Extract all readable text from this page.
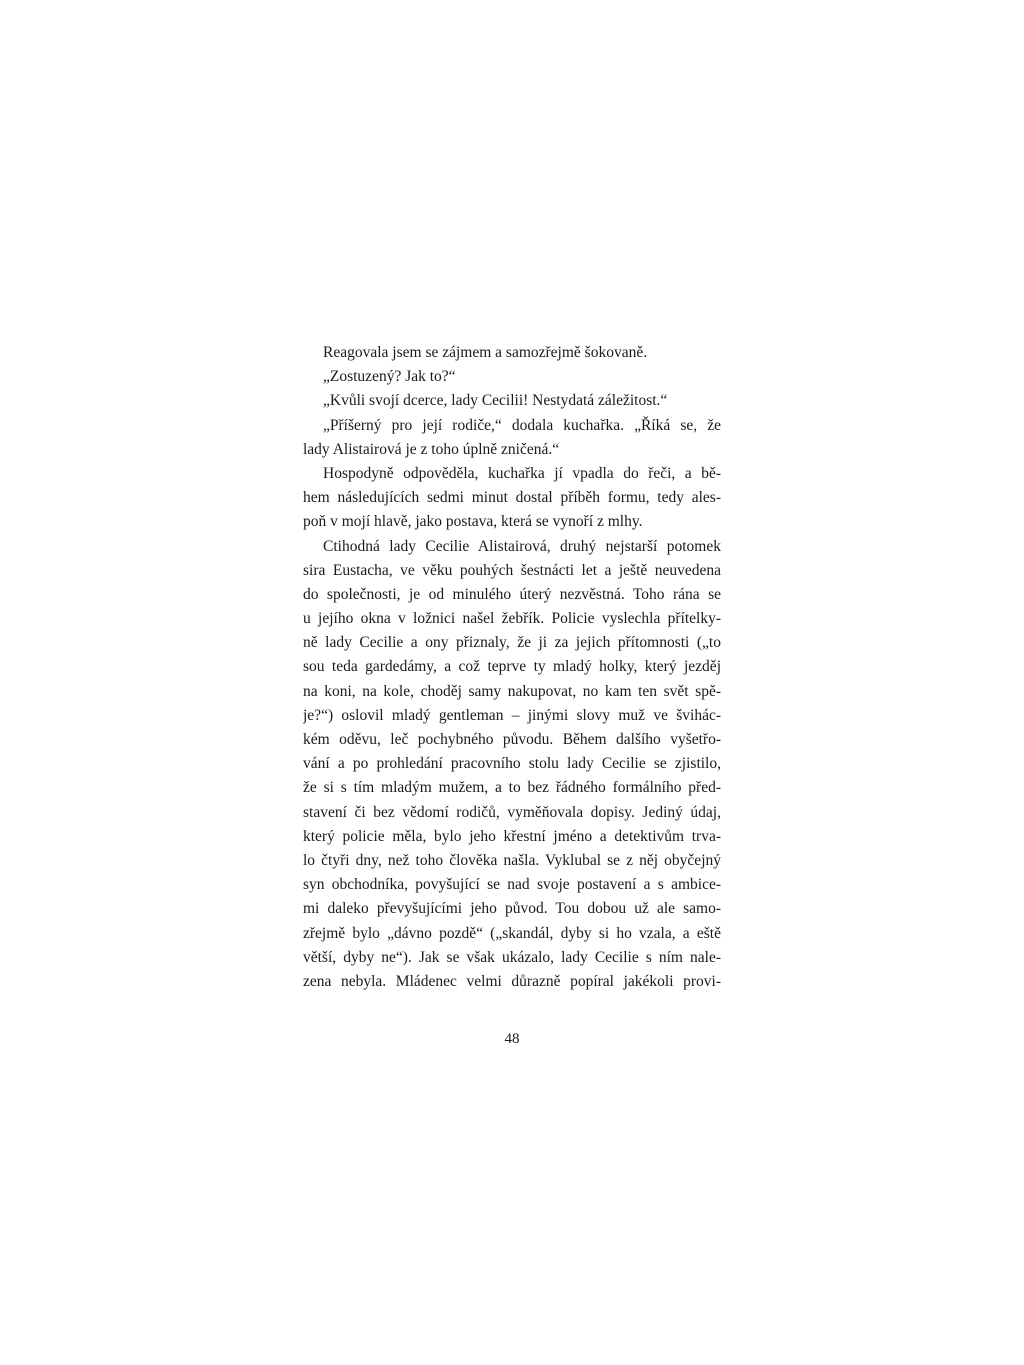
Reagovala jsem se zájmem a samozřejmě šokovaně.
„Zostuzený? Jak to?“
„Kvůli svojí dcerce, lady Cecilii! Nestydatá záležitost.“
„Příšerný pro její rodiče,“ dodala kuchařka. „Říká se, že
lady Alistairová je z toho úplně zničená.“
Hospodyně odpověděla, kuchařka jí vpadla do řeči, a bě-
hem následujících sedmi minut dostal příběh formu, tedy ales-
poň v mojí hlavě, jako postava, která se vynoří z mlhy.
Ctihodná lady Cecilie Alistairová, druhý nejstarší potomek
sira Eustacha, ve věku pouhých šestnácti let a ještě neuvedena
do společnosti, je od minulého úterý nezvěstná. Toho rána se
u jejího okna v ložnici našel žebřík. Policie vyslechla přítelky-
ně lady Cecilie a ony přiznaly, že ji za jejich přítomnosti („to
sou teda gardedámy, a což teprve ty mladý holky, který jezděj
na koni, na kole, choděj samy nakupovat, no kam ten svět spě-
je?“) oslovil mladý gentleman – jinými slovy muž ve švihác-
kém oděvu, leč pochybného původu. Během dalšího vyšetřo-
vání a po prohledání pracovního stolu lady Cecilie se zjistilo,
že si s tím mladým mužem, a to bez řádného formálního před-
stavení či bez vědomí rodičů, vyměňovala dopisy. Jediný údaj,
který policie měla, bylo jeho křestní jméno a detektivům trva-
lo čtyři dny, než toho člověka našla. Vyklubal se z něj obyčejný
syn obchodníka, povyšující se nad svoje postavení a s ambice-
mi daleko převyšujícími jeho původ. Tou dobou už ale samo-
zřejmě bylo „dávno pozdě“ („skandál, dyby si ho vzala, a eště
větší, dyby ne“). Jak se však ukázalo, lady Cecilie s ním nale-
zena nebyla. Mládenec velmi důrazně popíral jakékoli provi-
48
